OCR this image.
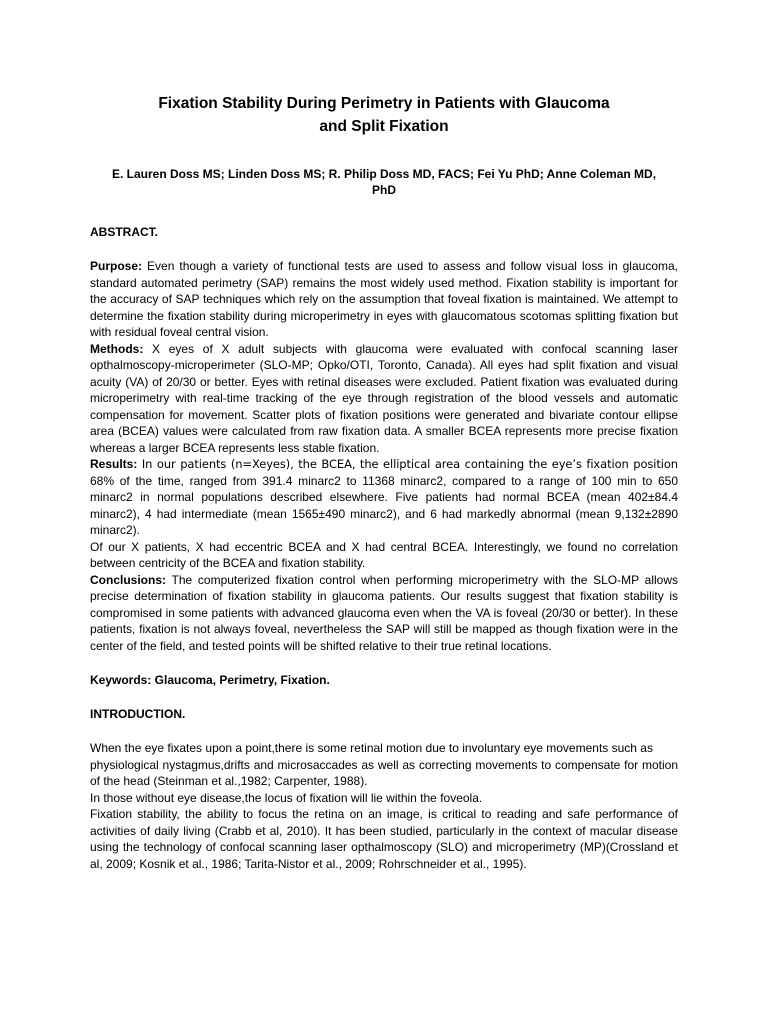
Fixation Stability During Perimetry in Patients with Glaucoma
and Split Fixation

E. Lauren Doss MS; Linden Doss MS; R. Philip Doss MD, FACS; Fei Yu PhD; Anne Coleman MD, PhD

ABSTRACT.

Purpose: Even though a variety of functional tests are used to assess and follow visual loss in glaucoma, standard automated perimetry (SAP) remains the most widely used method. Fixation stability is important for the accuracy of SAP techniques which rely on the assumption that foveal fixation is maintained. We attempt to determine the fixation stability during microperimetry in eyes with glaucomatous scotomas splitting fixation but with residual foveal central vision.

Methods: X eyes of X adult subjects with glaucoma were evaluated with confocal scanning laser opthalmoscopy-microperimeter (SLO-MP; Opko/OTI, Toronto, Canada). All eyes had split fixation and visual acuity (VA) of 20/30 or better. Eyes with retinal diseases were excluded. Patient fixation was evaluated during microperimetry with real-time tracking of the eye through registration of the blood vessels and automatic compensation for movement. Scatter plots of fixation positions were generated and bivariate contour ellipse area (BCEA) values were calculated from raw fixation data. A smaller BCEA represents more precise fixation whereas a larger BCEA represents less stable fixation.

Results: In our patients (n=Xeyes), the BCEA, the elliptical area containing the eye’s fixation position 68% of the time, ranged from 391.4 minarc2 to 11368 minarc2, compared to a range of 100 min to 650 minarc2 in normal populations described elsewhere. Five patients had normal BCEA (mean 402±84.4 minarc2), 4 had intermediate (mean 1565±490 minarc2), and 6 had markedly abnormal (mean 9,132±2890 minarc2).

Of our X patients, X had eccentric BCEA and X had central BCEA. Interestingly, we found no correlation between centricity of the BCEA and fixation stability.

Conclusions: The computerized fixation control when performing microperimetry with the SLO-MP allows precise determination of fixation stability in glaucoma patients. Our results suggest that fixation stability is compromised in some patients with advanced glaucoma even when the VA is foveal (20/30 or better). In these patients, fixation is not always foveal, nevertheless the SAP will still be mapped as though fixation were in the center of the field, and tested points will be shifted relative to their true retinal locations.

Keywords: Glaucoma, Perimetry, Fixation.

INTRODUCTION.

When the eye fixates upon a point,there is some retinal motion due to involuntary eye movements such as

physiological nystagmus,drifts and microsaccades as well as correcting movements to compensate for motion of the head (Steinman et al.,1982; Carpenter, 1988).

In those without eye disease,the locus of fixation will lie within the foveola.

Fixation stability, the ability to focus the retina on an image, is critical to reading and safe performance of activities of daily living (Crabb et al, 2010). It has been studied, particularly in the context of macular disease using the technology of confocal scanning laser opthalmoscopy (SLO) and microperimetry (MP)(Crossland et al, 2009; Kosnik et al., 1986; Tarita-Nistor et al., 2009; Rohrschneider et al., 1995).
